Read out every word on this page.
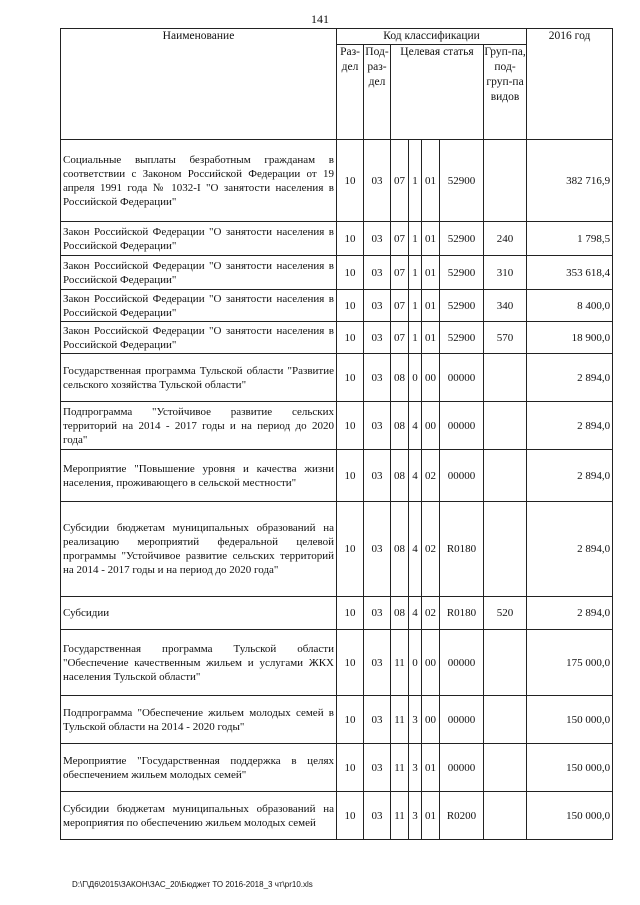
141
Наименование	Код классификации							2016 год
	Раз-дел	Под-раз-дел	Целевая статья				Груп-па, под-груп-па видов	

Социальные выплаты безработным гражданам в соответствии с Законом Российской Федерации от 19 апреля 1991 года № 1032-I "О занятости населения в Российской Федерации"	10	03	07	1	01	52900		382 716,9
Закон Российской Федерации "О занятости населения в Российской Федерации"	10	03	07	1	01	52900	240	1 798,5
Закон Российской Федерации "О занятости населения в Российской Федерации"	10	03	07	1	01	52900	310	353 618,4
Закон Российской Федерации "О занятости населения в Российской Федерации"	10	03	07	1	01	52900	340	8 400,0
Закон Российской Федерации "О занятости населения в Российской Федерации"	10	03	07	1	01	52900	570	18 900,0
Государственная программа Тульской области "Развитие сельского хозяйства Тульской области"	10	03	08	0	00	00000		2 894,0
Подпрограмма "Устойчивое развитие сельских территорий на 2014 - 2017 годы и на период до 2020 года"	10	03	08	4	00	00000		2 894,0
Мероприятие "Повышение уровня и качества жизни населения, проживающего в сельской местности"	10	03	08	4	02	00000		2 894,0
Субсидии бюджетам муниципальных образований на реализацию мероприятий федеральной целевой программы "Устойчивое развитие сельских территорий на 2014 - 2017 годы и на период до 2020 года"	10	03	08	4	02	R0180		2 894,0
Субсидии	10	03	08	4	02	R0180	520	2 894,0
Государственная программа Тульской области "Обеспечение качественным жильем и услугами ЖКХ населения Тульской области"	10	03	11	0	00	00000		175 000,0
Подпрограмма "Обеспечение жильем молодых семей в Тульской области на 2014 - 2020 годы"	10	03	11	3	00	00000		150 000,0
Мероприятие "Государственная поддержка в целях обеспечением жильем молодых семей"	10	03	11	3	01	00000		150 000,0
Субсидии бюджетам муниципальных образований на мероприятия по обеспечению жильем молодых семей	10	03	11	3	01	R0200		150 000,0
D:\Г\Д6\2015\ЗАКОН\ЗАС_20\Бюджет ТО 2016-2018_3 чт\pr10.xls
